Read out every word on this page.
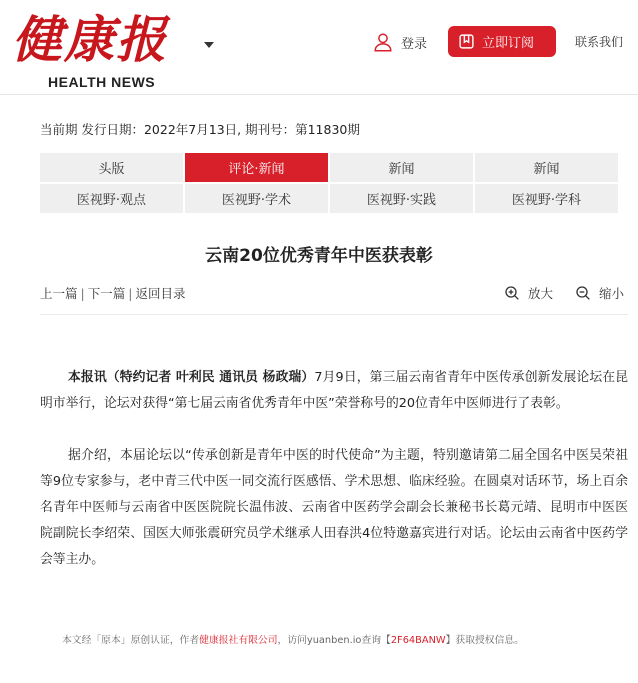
健康报
HEALTH NEWS
登录	立即订阅	联系我们
当前期 发行日期：2022年7月13日, 期刊号：第11830期
头版	评论·新闻	新闻	新闻
医视野·观点	医视野·学术	医视野·实践	医视野·学科
云南20位优秀青年中医获表彰
上一篇 | 下一篇 | 返回目录	放大	缩小

本报讯（特约记者 叶利民 通讯员 杨政瑞）7月9日，第三届云南省青年中医传承创新发展论坛在昆明市举行，论坛对获得“第七届云南省优秀青年中医”荣誉称号的20位青年中医师进行了表彰。

据介绍，本届论坛以“传承创新是青年中医的时代使命”为主题，特别邀请第二届全国名中医吴荣祖等9位专家参与，老中青三代中医一同交流行医感悟、学术思想、临床经验。在圆桌对话环节，场上百余名青年中医师与云南省中医医院院长温伟波、云南省中医药学会副会长兼秘书长葛元靖、昆明市中医医院副院长李绍荣、国医大师张震研究员学术继承人田春洪4位特邀嘉宾进行对话。论坛由云南省中医药学会等主办。

本文经「原本」原创认证，作者健康报社有限公司，访问yuanben.io查询【2F64BANW】获取授权信息。
